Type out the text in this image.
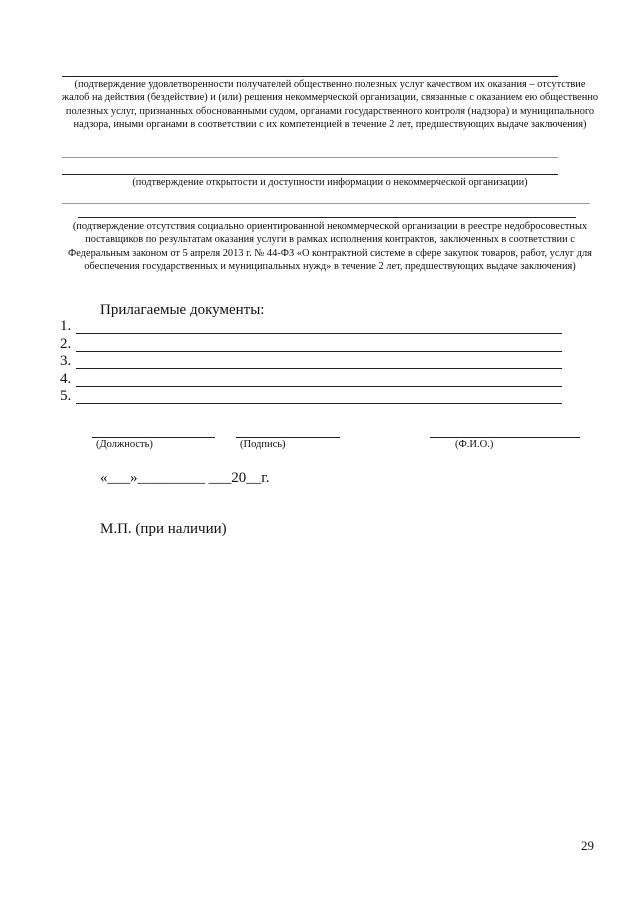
(подтверждение удовлетворенности получателей общественно полезных услуг качеством их оказания – отсутствие жалоб на действия (бездействие) и (или) решения некоммерческой организации, связанные с оказанием ею общественно полезных услуг, признанных обоснованными судом, органами государственного контроля (надзора) и муниципального надзора, иными органами в соответствии с их компетенцией в течение 2 лет, предшествующих выдаче заключения)
(подтверждение открытости и доступности информации о некоммерческой организации)
(подтверждение отсутствия социально ориентированной некоммерческой организации в реестре недобросовестных поставщиков по результатам оказания услуги в рамках исполнения контрактов, заключенных в соответствии с Федеральным законом от 5 апреля 2013 г. № 44-ФЗ «О контрактной системе в сфере закупок товаров, работ, услуг для обеспечения государственных и муниципальных нужд» в течение 2 лет, предшествующих выдаче заключения)
Прилагаемые документы:
1.
2.
3.
4.
5.
(Должность)	(Подпись)	(Ф.И.О.)
«___»_________ ___20__г.
М.П. (при наличии)
29
